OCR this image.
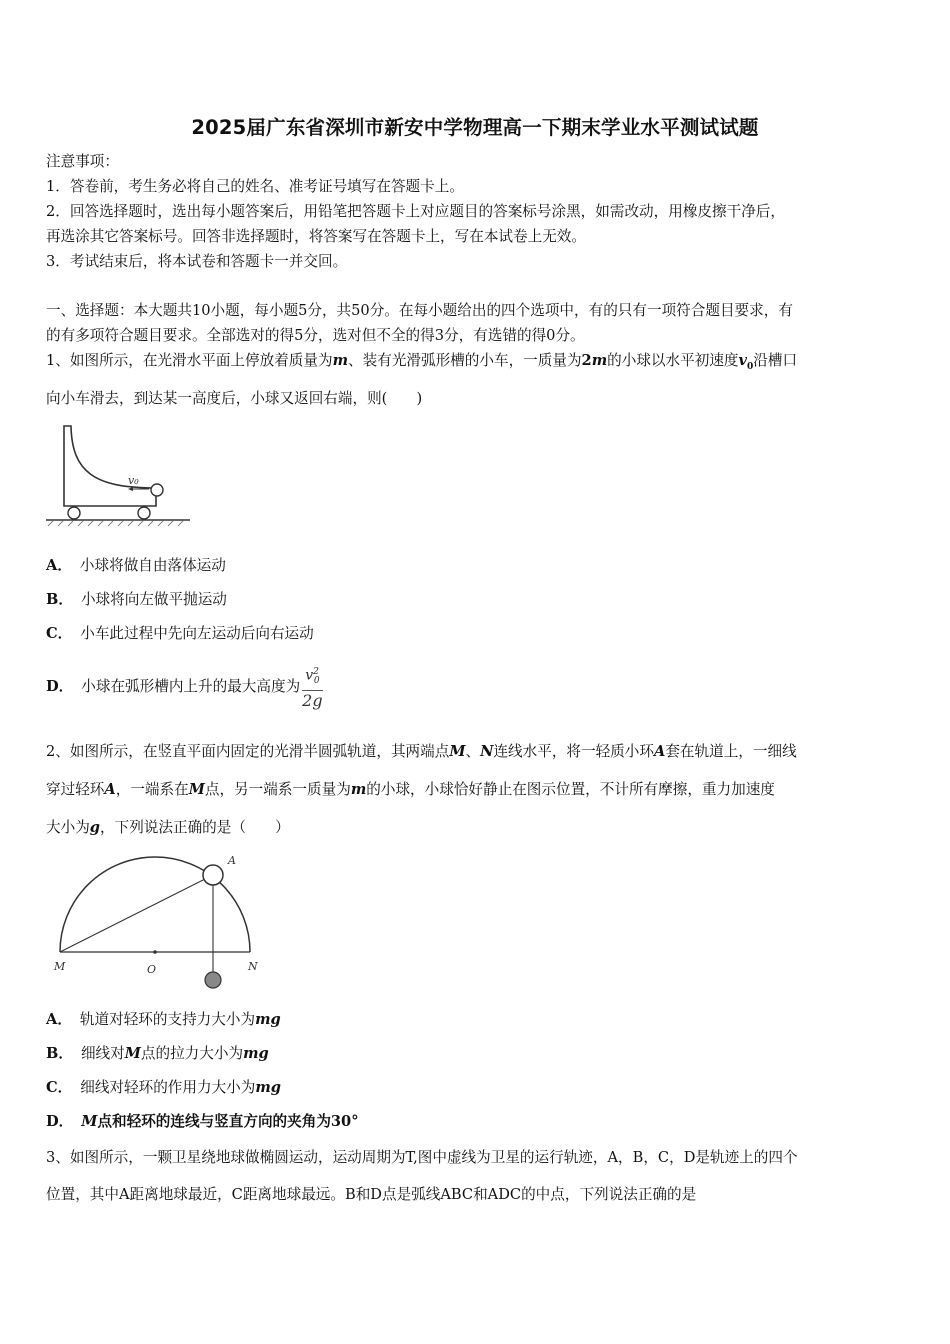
2025届广东省深圳市新安中学物理高一下期末学业水平测试试题
注意事项：
1．答卷前，考生务必将自己的姓名、准考证号填写在答题卡上。
2．回答选择题时，选出每小题答案后，用铅笔把答题卡上对应题目的答案标号涂黑，如需改动，用橡皮擦干净后，
再选涂其它答案标号。回答非选择题时，将答案写在答题卡上，写在本试卷上无效。
3．考试结束后，将本试卷和答题卡一并交回。
一、选择题：本大题共10小题，每小题5分，共50分。在每小题给出的四个选项中，有的只有一项符合题目要求，有
的有多项符合题目要求。全部选对的得5分，选对但不全的得3分，有选错的得0分。
1、如图所示，在光滑水平面上停放着质量为m、装有光滑弧形槽的小车，一质量为2m的小球以水平初速度$v_0$沿槽口
向小车滑去，到达某一高度后，小球又返回右端，则(　　)
v₀
A． 小球将做自由落体运动
B． 小球将向左做平抛运动
C． 小车此过程中先向左运动后向右运动
D． 小球在弧形槽内上升的最大高度为 $\frac{v^2_0}{2g}$
2、如图所示，在竖直平面内固定的光滑半圆弧轨道，其两端点M、N连线水平，将一轻质小环A套在轨道上，一细线
穿过轻环A，一端系在M点，另一端系一质量为m的小球，小球恰好静止在图示位置，不计所有摩擦，重力加速度
大小为g，下列说法正确的是（　　）
A
M	O	N
A． 轨道对轻环的支持力大小为mg
B． 细线对M点的拉力大小为mg
C． 细线对轻环的作用力大小为mg
D． M点和轻环的连线与竖直方向的夹角为30°
3、如图所示，一颗卫星绕地球做椭圆运动，运动周期为T,图中虚线为卫星的运行轨迹，A，B，C，D是轨迹上的四个
位置，其中A距离地球最近，C距离地球最远。B和D点是弧线ABC和ADC的中点，下列说法正确的是
